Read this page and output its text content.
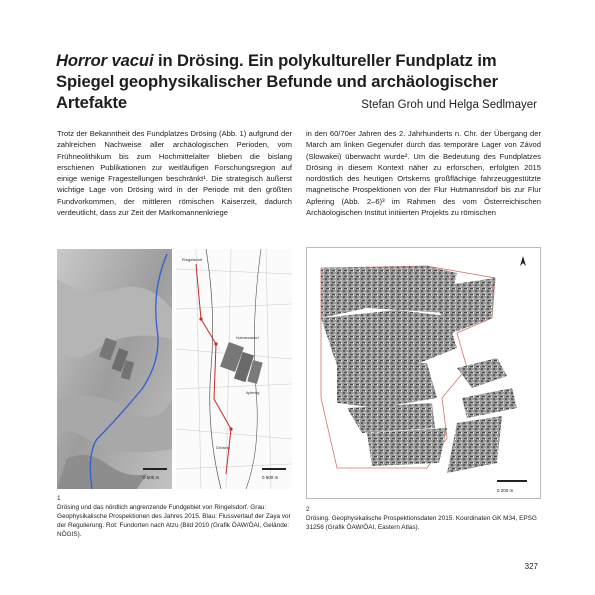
Horror vacui in Drösing. Ein polykultureller Fundplatz im Spiegel geophysikalischer Befunde und archäologischer Artefakte	Stefan Groh und Helga Sedlmayer
Trotz der Bekanntheit des Fundplatzes Drösing (Abb. 1) aufgrund der zahlreichen Nachweise aller archäologischen Perioden, vom Frühneolithikum bis zum Hochmittelalter blieben die bislang erschienen Publikationen zur weitläufigen Forschungsregion auf einige wenige Fragestellungen beschränkt¹. Die strategisch äußerst wichtige Lage von Drösing wird in der Periode mit den größten Fundvorkommen, der mittleren römischen Kaiserzeit, dadurch verdeutlicht, dass zur Zeit der Markomannenkriege
in den 60/70er Jahren des 2. Jahrhunderts n. Chr. der Übergang der March am linken Gegenufer durch das temporäre Lager von Závod (Slowakei) überwacht wurde². Um die Bedeutung des Fundplatzes Drösing in diesem Kontext näher zu erforschen, erfolgten 2015 nordöstlich des heutigen Ortskerns großflächige fahrzeuggestützte magnetische Prospektionen von der Flur Hutmannsdorf bis zur Flur Apfering (Abb. 2–6)³ im Rahmen des vom Österreichischen Archäologischen Institut initiierten Projekts zu römischen
0 500 m
Ringelsdorf
Drösing
Hutmannsdorf
Apfering
0 500 m
1
Drösing und das nördlich angrenzende Fundgebiet von Ringelsdorf. Grau: Geophysikalische Prospektionen des Jahres 2015. Blau: Flussverlauf der Zaya vor der Regulierung. Rot: Fundorten nach Atzu (Bild 2010 (Grafik ÖAW/ÖAI, Gelände: NÖGIS).
0 200 m
2
Drösing. Geophysikalische Prospektionsdaten 2015. Koordinaten GK M34, EPSG 31256 (Grafik ÖAW/ÖAI, Eastern Atlas).
327
